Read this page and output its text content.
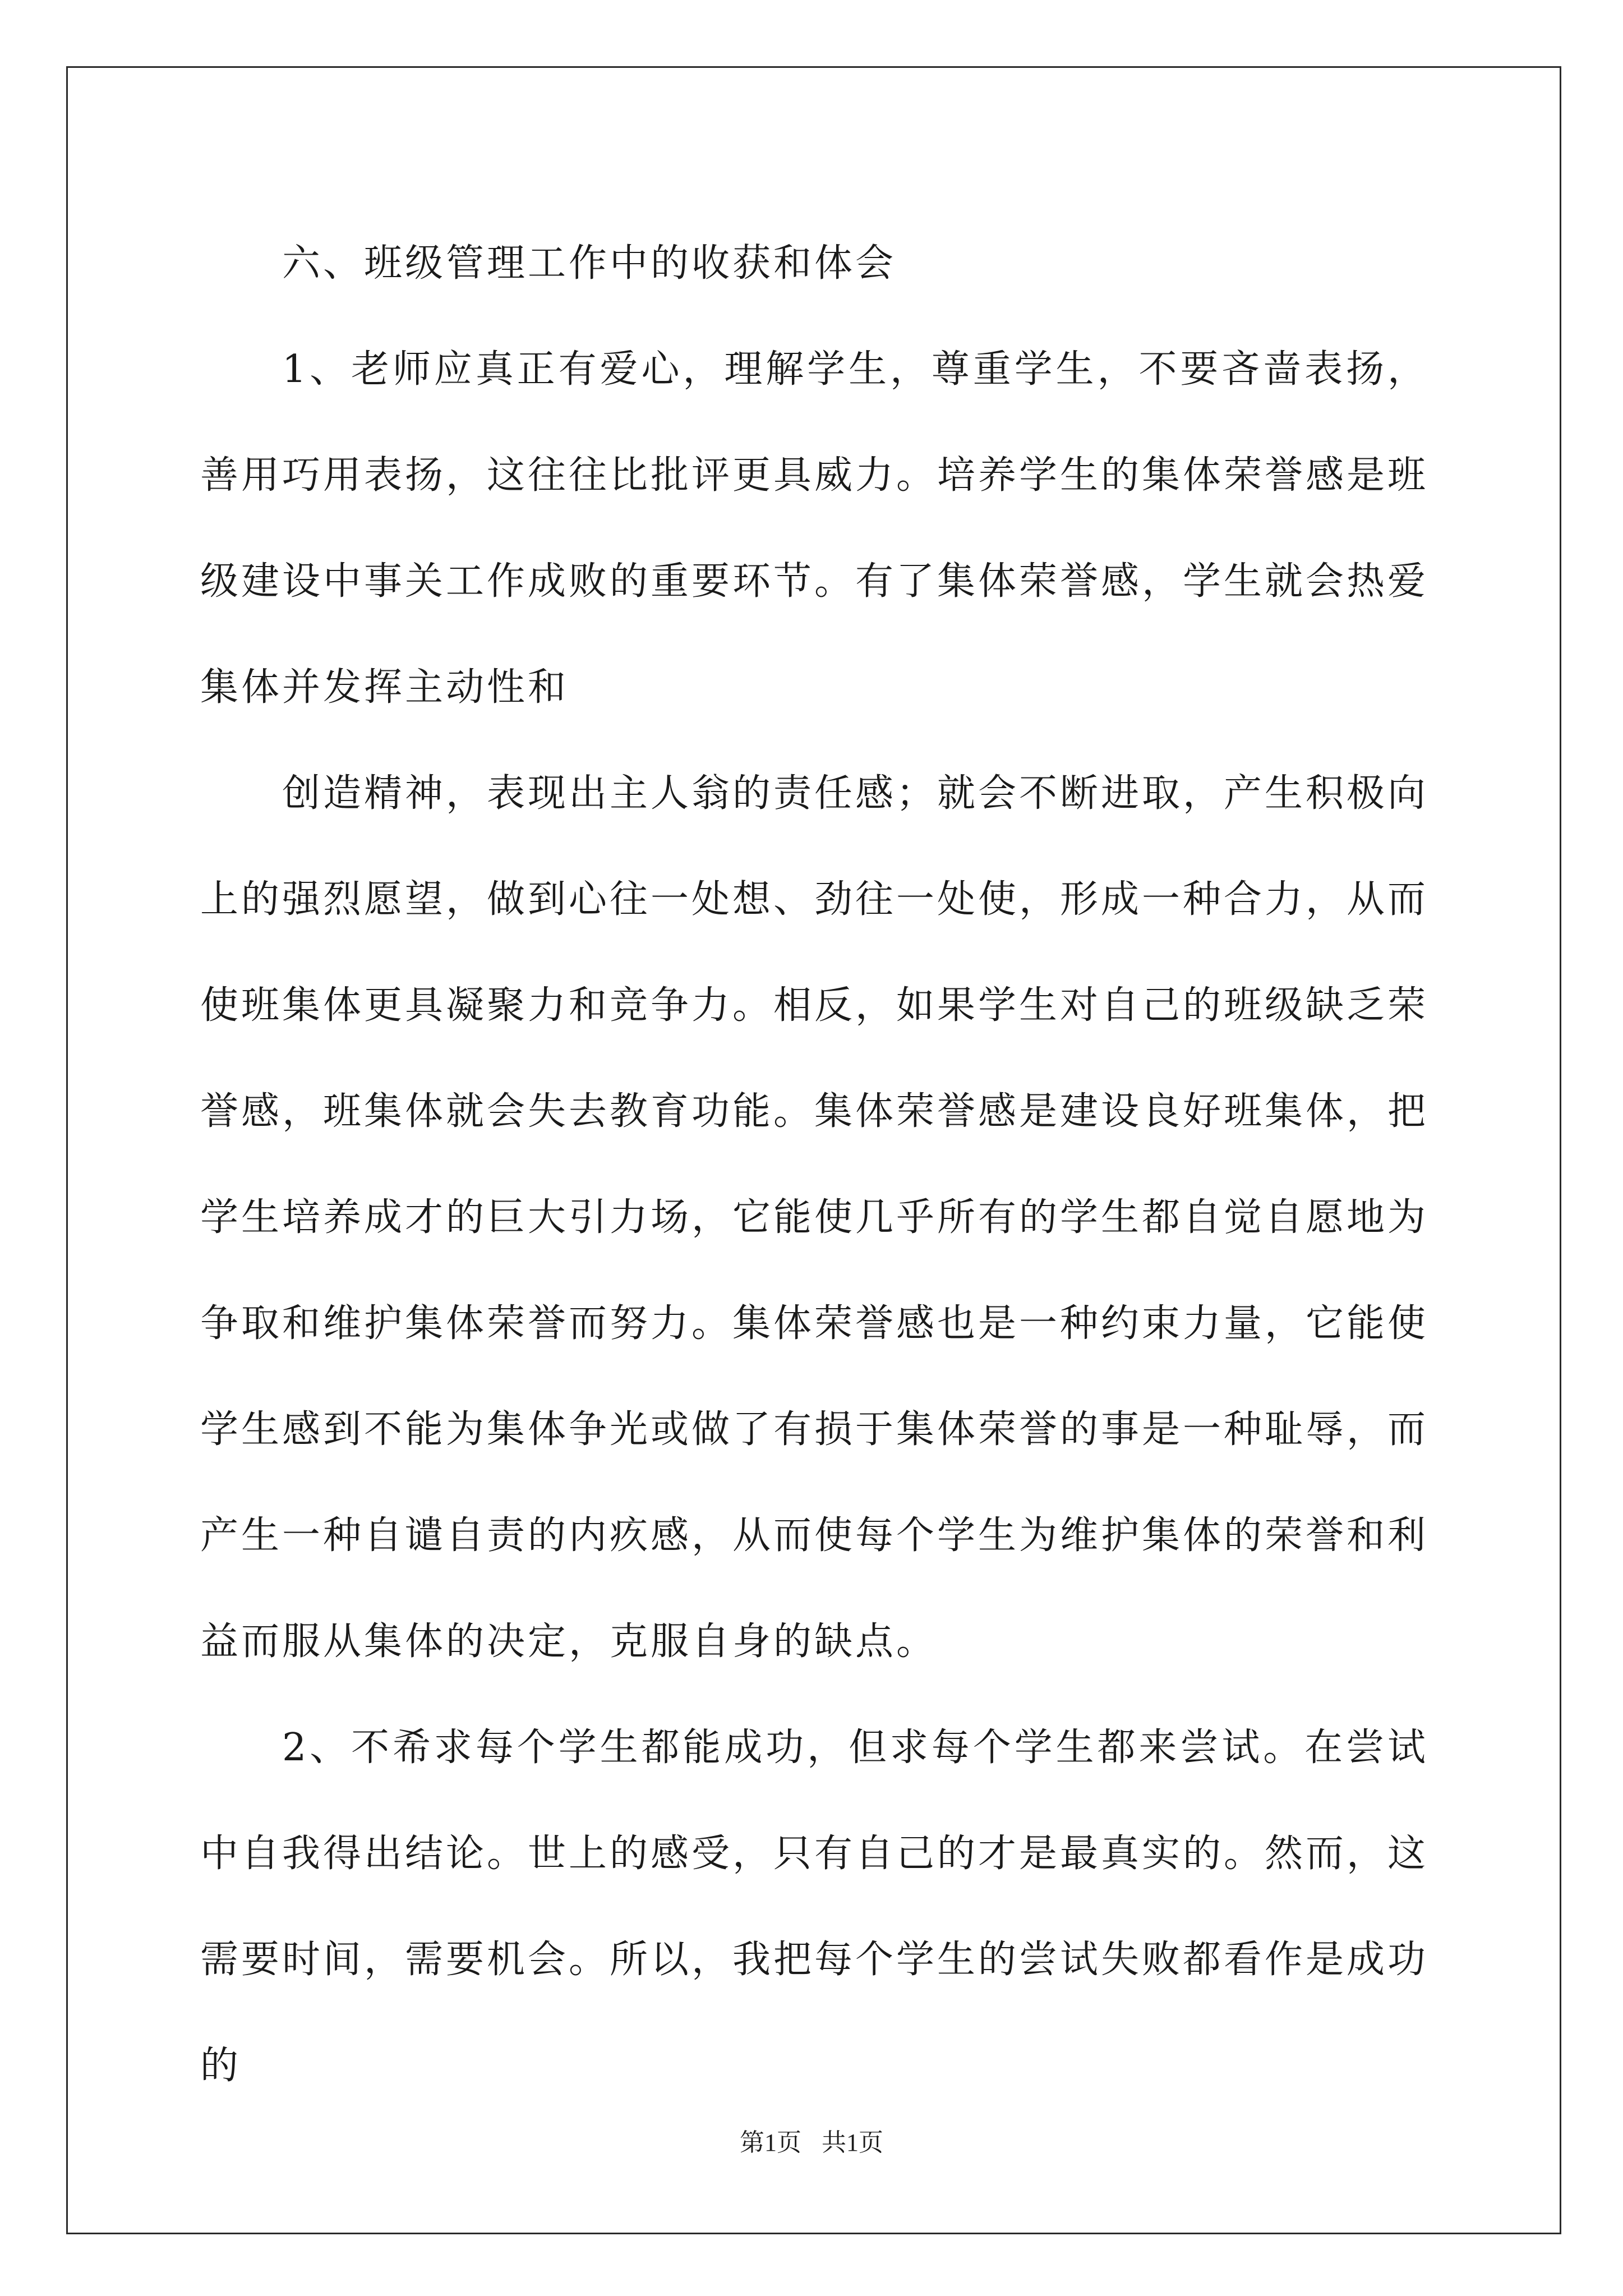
六、班级管理工作中的收获和体会

1、老师应真正有爱心，理解学生，尊重学生，不要吝啬表扬，善用巧用表扬，这往往比批评更具威力。培养学生的集体荣誉感是班级建设中事关工作成败的重要环节。有了集体荣誉感，学生就会热爱集体并发挥主动性和

创造精神，表现出主人翁的责任感；就会不断进取，产生积极向上的强烈愿望，做到心往一处想、劲往一处使，形成一种合力，从而使班集体更具凝聚力和竞争力。相反，如果学生对自己的班级缺乏荣誉感，班集体就会失去教育功能。集体荣誉感是建设良好班集体，把学生培养成才的巨大引力场，它能使几乎所有的学生都自觉自愿地为争取和维护集体荣誉而努力。集体荣誉感也是一种约束力量，它能使学生感到不能为集体争光或做了有损于集体荣誉的事是一种耻辱，而产生一种自谴自责的内疚感，从而使每个学生为维护集体的荣誉和利益而服从集体的决定，克服自身的缺点。

2、不希求每个学生都能成功，但求每个学生都来尝试。在尝试中自我得出结论。世上的感受，只有自己的才是最真实的。然而，这需要时间，需要机会。所以，我把每个学生的尝试失败都看作是成功的

第1页 共1页
